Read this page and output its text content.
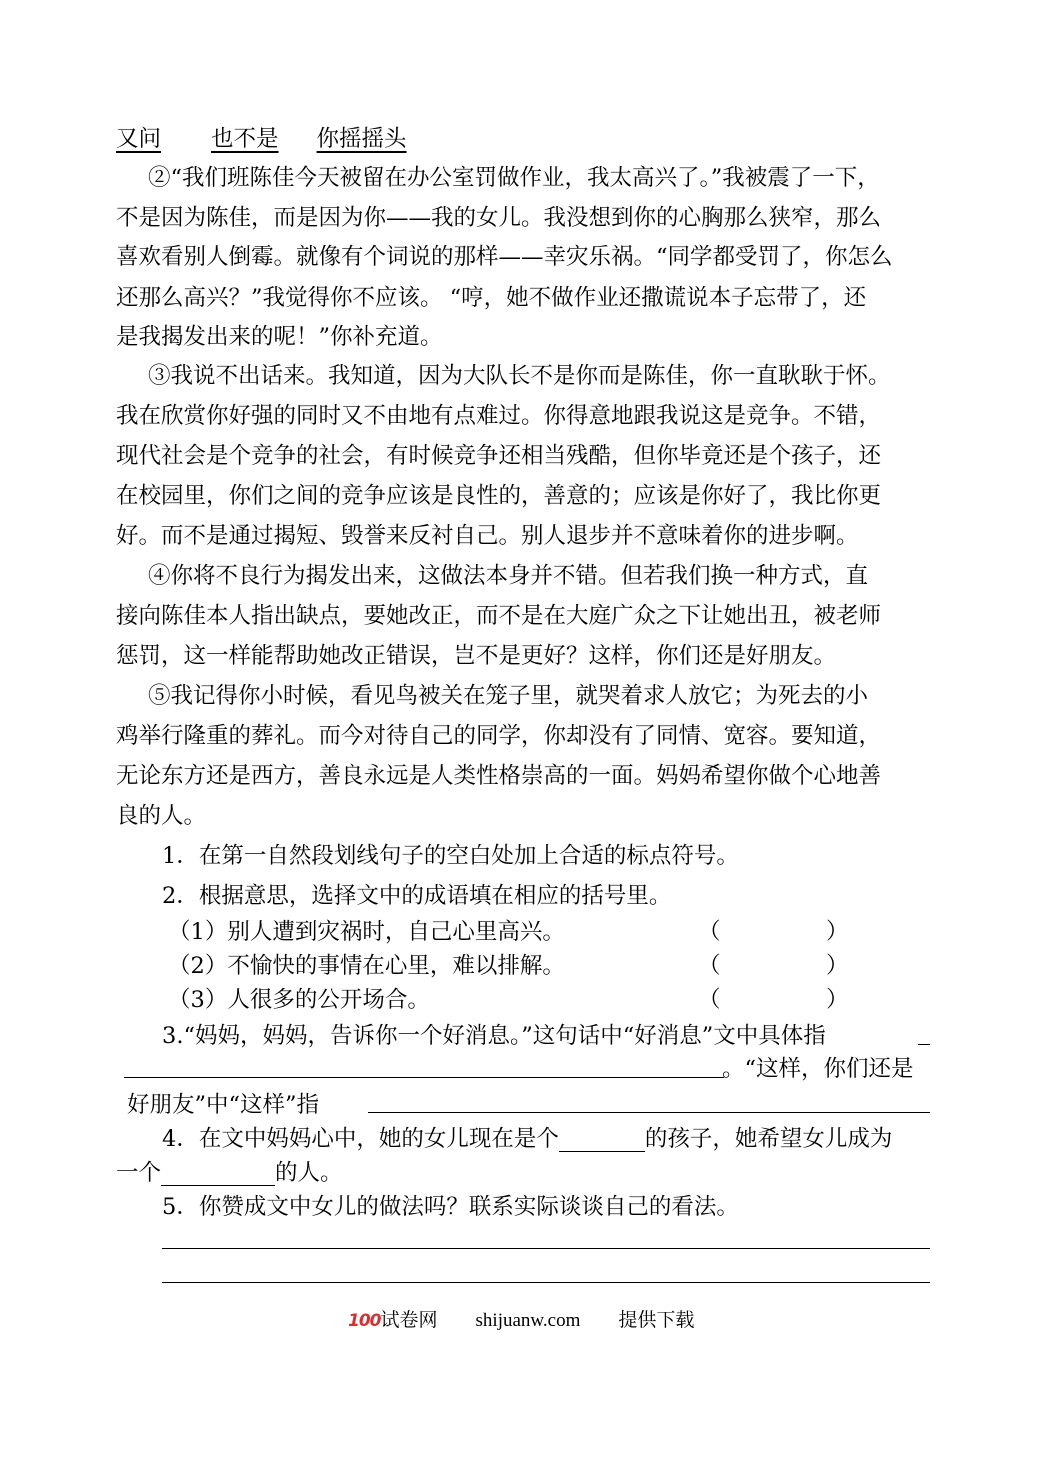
又问 也不是 你摇摇头
②“我们班陈佳今天被留在办公室罚做作业，我太高兴了。”我被震了一下，
不是因为陈佳，而是因为你——我的女儿。我没想到你的心胸那么狭窄，那么
喜欢看别人倒霉。就像有个词说的那样——幸灾乐祸。“同学都受罚了，你怎么
还那么高兴？”我觉得你不应该。 “哼，她不做作业还撒谎说本子忘带了，还
是我揭发出来的呢！”你补充道。
③我说不出话来。我知道，因为大队长不是你而是陈佳，你一直耿耿于怀。
我在欣赏你好强的同时又不由地有点难过。你得意地跟我说这是竞争。不错，
现代社会是个竞争的社会，有时候竞争还相当残酷，但你毕竟还是个孩子，还
在校园里，你们之间的竞争应该是良性的，善意的；应该是你好了，我比你更
好。而不是通过揭短、毁誉来反衬自己。别人退步并不意味着你的进步啊。
④你将不良行为揭发出来，这做法本身并不错。但若我们换一种方式，直
接向陈佳本人指出缺点，要她改正，而不是在大庭广众之下让她出丑，被老师
惩罚，这一样能帮助她改正错误，岂不是更好？这样，你们还是好朋友。
⑤我记得你小时候，看见鸟被关在笼子里，就哭着求人放它；为死去的小
鸡举行隆重的葬礼。而今对待自己的同学，你却没有了同情、宽容。要知道，
无论东方还是西方，善良永远是人类性格崇高的一面。妈妈希望你做个心地善
良的人。
1．在第一自然段划线句子的空白处加上合适的标点符号。
2．根据意思，选择文中的成语填在相应的括号里。
（1）别人遭到灾祸时，自己心里高兴。	（	）
（2）不愉快的事情在心里，难以排解。	（	）
（3）人很多的公开场合。	（	）
3.“妈妈，妈妈，告诉你一个好消息。”这句话中“好消息”文中具体指
。“这样，你们还是
好朋友”中“这样”指
4．在文中妈妈心中，她的女儿现在是个	的孩子，她希望女儿成为
一个	的人。
5．你赞成文中女儿的做法吗？联系实际谈谈自己的看法。
100试卷网 shijuanw.com 提供下载
